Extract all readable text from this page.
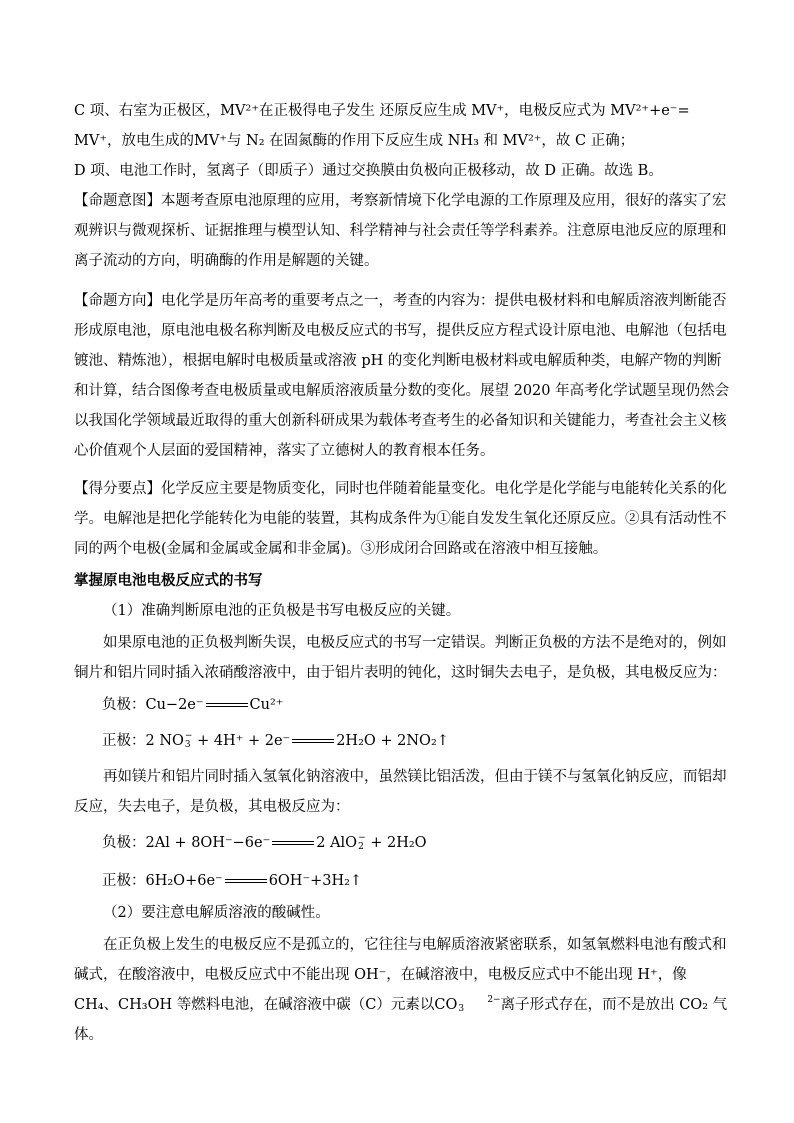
C 项、右室为正极区，MV²⁺在正极得电子发生 还原反应生成 MV⁺，电极反应式为 MV²⁺+e⁻= MV⁺，放电生成的MV⁺与 N₂ 在固氮酶的作用下反应生成 NH₃ 和 MV²⁺，故 C 正确；

D 项、电池工作时，氢离子（即质子）通过交换膜由负极向正极移动，故 D 正确。故选 B。

【命题意图】本题考查原电池原理的应用，考察新情境下化学电源的工作原理及应用，很好的落实了宏观辨识与微观探析、证据推理与模型认知、科学精神与社会责任等学科素养。注意原电池反应的原理和离子流动的方向，明确酶的作用是解题的关键。

【命题方向】电化学是历年高考的重要考点之一，考查的内容为：提供电极材料和电解质溶液判断能否形成原电池，原电池电极名称判断及电极反应式的书写，提供反应方程式设计原电池、电解池（包括电镀池、精炼池），根据电解时电极质量或溶液 pH 的变化判断电极材料或电解质种类，电解产物的判断和计算，结合图像考查电极质量或电解质溶液质量分数的变化。展望 2020 年高考化学试题呈现仍然会以我国化学领域最近取得的重大创新科研成果为载体考查考生的必备知识和关键能力，考查社会主义核心价值观个人层面的爱国精神，落实了立德树人的教育根本任务。

【得分要点】化学反应主要是物质变化，同时也伴随着能量变化。电化学是化学能与电能转化关系的化学。电解池是把化学能转化为电能的装置，其构成条件为①能自发发生氧化还原反应。②具有活动性不同的两个电极(金属和金属或金属和非金属)。③形成闭合回路或在溶液中相互接触。

掌握原电池电极反应式的书写

（1）准确判断原电池的正负极是书写电极反应的关键。

如果原电池的正负极判断失误，电极反应式的书写一定错误。判断正负极的方法不是绝对的，例如铜片和铝片同时插入浓硝酸溶液中，由于铝片表明的钝化，这时铜失去电子，是负极，其电极反应为：

负极：Cu−2e⁻	Cu²⁺
正极：2 NO−
3 + 4H⁺ + 2e⁻	2H₂O + 2NO₂↑

再如镁片和铝片同时插入氢氧化钠溶液中，虽然镁比铝活泼，但由于镁不与氢氧化钠反应，而铝却反应，失去电子，是负极，其电极反应为：

负极：2Al + 8OH⁻−6e⁻	2 AlO−
2 + 2H₂O
正极：6H₂O+6e⁻	6OH⁻+3H₂↑

（2）要注意电解质溶液的酸碱性。

在正负极上发生的电极反应不是孤立的，它往往与电解质溶液紧密联系，如氢氧燃料电池有酸式和碱式，在酸溶液中，电极反应式中不能出现 OH⁻，在碱溶液中，电极反应式中不能出现 H⁺，像 CH₄、CH₃OH 等燃料电池，在碱溶液中碳（C）元素以CO	2−
3	离子形式存在，而不是放出 CO₂ 气体。
